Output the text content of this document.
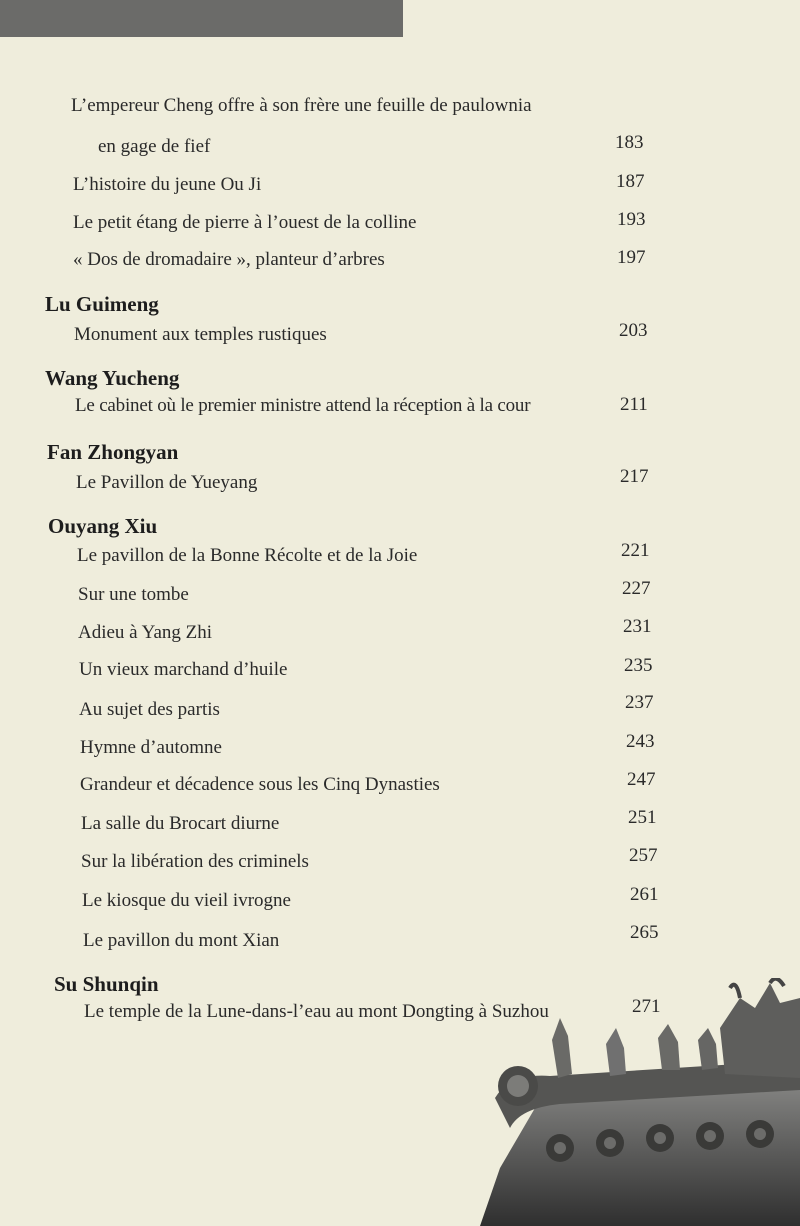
L’empereur Cheng offre à son frère une feuille de paulownia
en gage de fief	183
L’histoire du jeune Ou Ji	187
Le petit étang de pierre à l’ouest de la colline	193
« Dos de dromadaire », planteur d’arbres	197
Lu Guimeng
Monument aux temples rustiques	203
Wang Yucheng
Le cabinet où le premier ministre attend la réception à la cour	211
Fan Zhongyan
Le Pavillon de Yueyang	217
Ouyang Xiu
Le pavillon de la Bonne Récolte et de la Joie	221
Sur une tombe	227
Adieu à Yang Zhi	231
Un vieux marchand d’huile	235
Au sujet des partis	237
Hymne d’automne	243
Grandeur et décadence sous les Cinq Dynasties	247
La salle du Brocart diurne	251
Sur la libération des criminels	257
Le kiosque du vieil ivrogne	261
Le pavillon du mont Xian	265
Su Shunqin
Le temple de la Lune-dans-l’eau au mont Dongting à Suzhou	271
